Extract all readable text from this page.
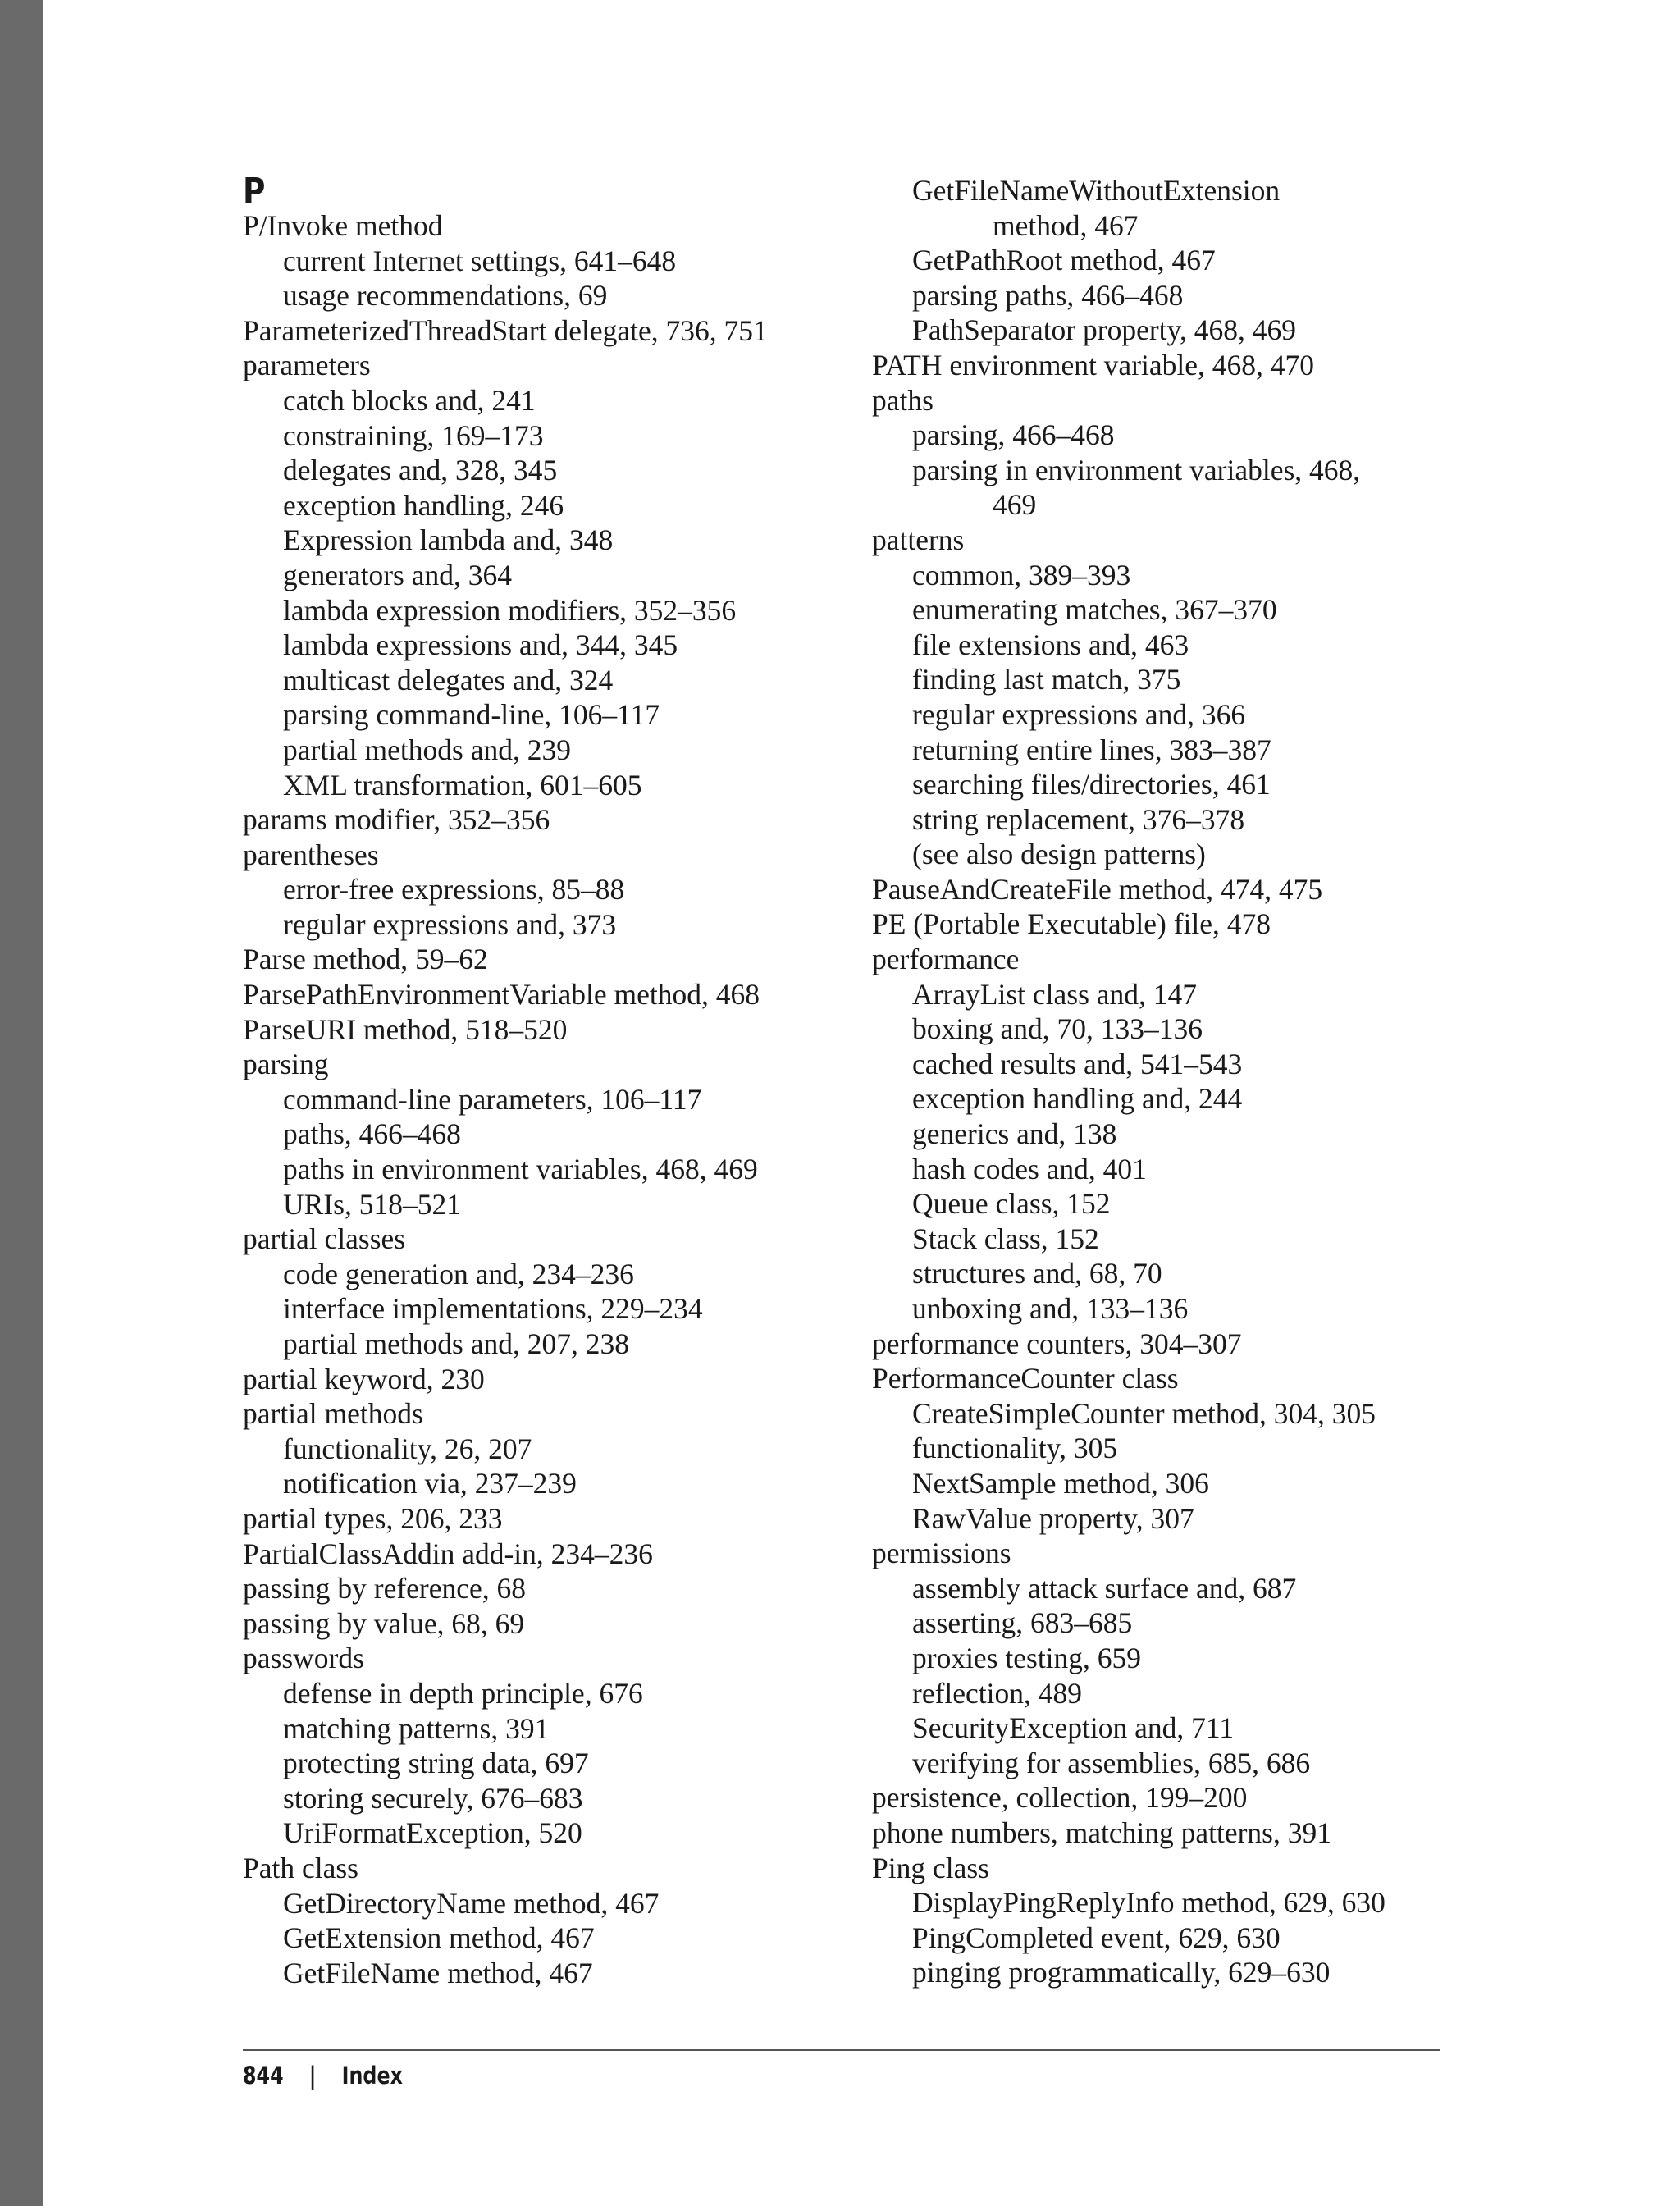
P
P/Invoke method
current Internet settings, 641–648
usage recommendations, 69
ParameterizedThreadStart delegate, 736, 751
parameters
catch blocks and, 241
constraining, 169–173
delegates and, 328, 345
exception handling, 246
Expression lambda and, 348
generators and, 364
lambda expression modifiers, 352–356
lambda expressions and, 344, 345
multicast delegates and, 324
parsing command-line, 106–117
partial methods and, 239
XML transformation, 601–605
params modifier, 352–356
parentheses
error-free expressions, 85–88
regular expressions and, 373
Parse method, 59–62
ParsePathEnvironmentVariable method, 468
ParseURI method, 518–520
parsing
command-line parameters, 106–117
paths, 466–468
paths in environment variables, 468, 469
URIs, 518–521
partial classes
code generation and, 234–236
interface implementations, 229–234
partial methods and, 207, 238
partial keyword, 230
partial methods
functionality, 26, 207
notification via, 237–239
partial types, 206, 233
PartialClassAddin add-in, 234–236
passing by reference, 68
passing by value, 68, 69
passwords
defense in depth principle, 676
matching patterns, 391
protecting string data, 697
storing securely, 676–683
UriFormatException, 520
Path class
GetDirectoryName method, 467
GetExtension method, 467
GetFileName method, 467
GetFileNameWithoutExtension
method, 467
GetPathRoot method, 467
parsing paths, 466–468
PathSeparator property, 468, 469
PATH environment variable, 468, 470
paths
parsing, 466–468
parsing in environment variables, 468,
469
patterns
common, 389–393
enumerating matches, 367–370
file extensions and, 463
finding last match, 375
regular expressions and, 366
returning entire lines, 383–387
searching files/directories, 461
string replacement, 376–378
(see also design patterns)
PauseAndCreateFile method, 474, 475
PE (Portable Executable) file, 478
performance
ArrayList class and, 147
boxing and, 70, 133–136
cached results and, 541–543
exception handling and, 244
generics and, 138
hash codes and, 401
Queue class, 152
Stack class, 152
structures and, 68, 70
unboxing and, 133–136
performance counters, 304–307
PerformanceCounter class
CreateSimpleCounter method, 304, 305
functionality, 305
NextSample method, 306
RawValue property, 307
permissions
assembly attack surface and, 687
asserting, 683–685
proxies testing, 659
reflection, 489
SecurityException and, 711
verifying for assemblies, 685, 686
persistence, collection, 199–200
phone numbers, matching patterns, 391
Ping class
DisplayPingReplyInfo method, 629, 630
PingCompleted event, 629, 630
pinging programmatically, 629–630
844 | Index
